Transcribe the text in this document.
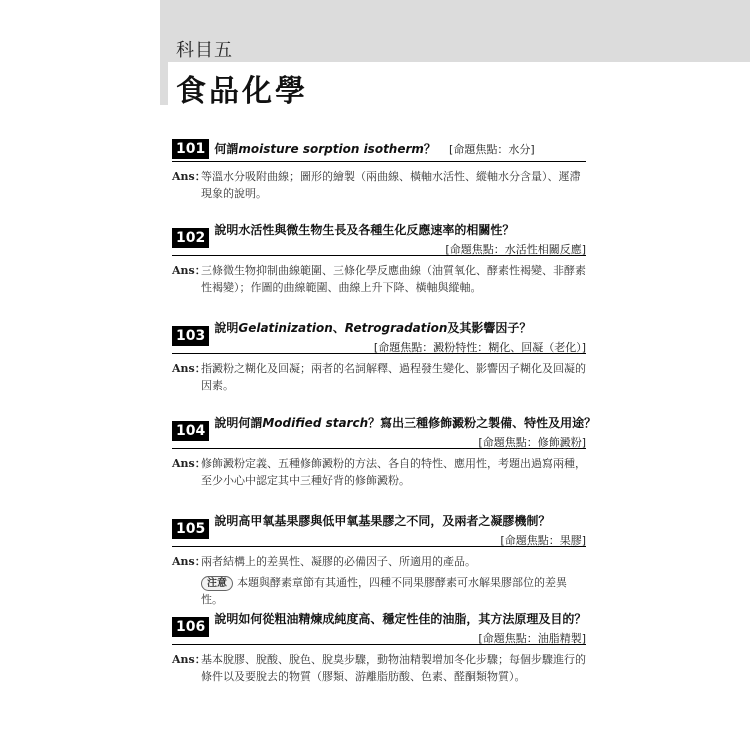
科目五
食品化學
101 何謂moisture sorption isotherm？ [命題焦點：水分]
Ans：
等溫水分吸附曲線；圖形的繪製（兩曲線、橫軸水活性、縱軸水分含量）、遲滯
現象的說明。
102 $^{說明水活性與微生物生長及各種生化反應速率的相關性?}$
[命題焦點：水活性相關反應]
Ans：
三條微生物抑制曲線範圍、三條化學反應曲線（油質氧化、酵素性褐變、非酵素
性褐變）；作圖的曲線範圍、曲線上升下降、橫軸與縱軸。
103 $^{說明Gelatinization、Retrogradation及其影響因子?}$
[命題焦點：澱粉特性：糊化、回凝（老化）]
Ans：
指澱粉之糊化及回凝；兩者的名詞解釋、過程發生變化、影響因子糊化及回凝的
因素。
104 $^{說明何謂Modified starch?寫出三種修飾澱粉之製備、特性及用途?}$
[命題焦點：修飾澱粉]
Ans：
修飾澱粉定義、五種修飾澱粉的方法、各自的特性、應用性，考題出過寫兩種，
至少小心中認定其中三種好背的修飾澱粉。
105 $^{說明高甲氧基果膠與低甲氧基果膠之不同,及兩者之凝膠機制?}$
[命題焦點：果膠]
Ans：
兩者結構上的差異性、凝膠的必備因子、所適用的產品。
注意 本題與酵素章節有其通性，四種不同果膠酵素可水解果膠部位的差異性。
106 $^{說明如何從粗油精煉成純度高、穩定性佳的油脂,其方法原理及目的?}$
[命題焦點：油脂精製]
Ans：
基本脫膠、脫酸、脫色、脫臭步驟，動物油精製增加冬化步驟；每個步驟進行的
條件以及要脫去的物質（膠類、游離脂肪酸、色素、醛酮類物質）。
